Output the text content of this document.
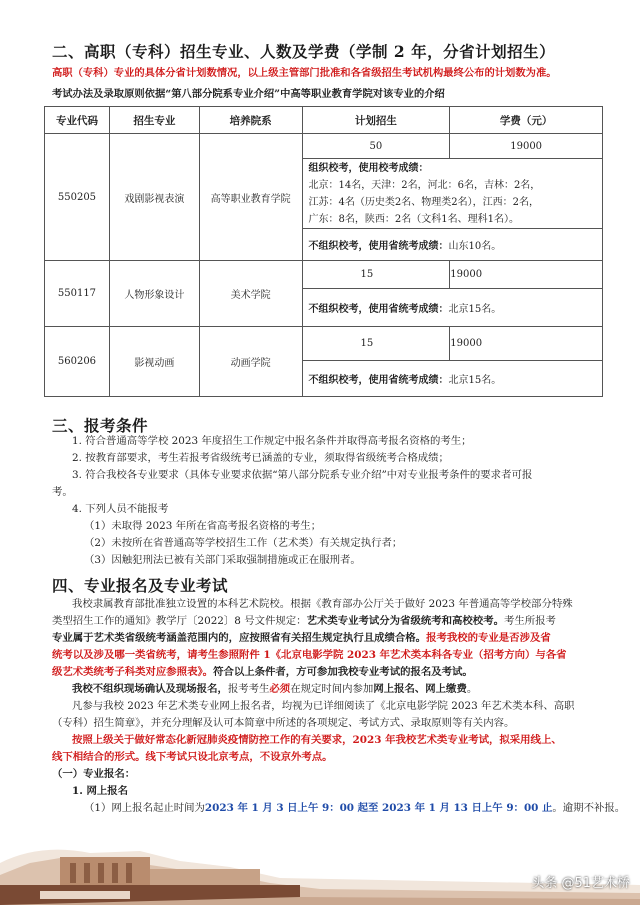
二、高职（专科）招生专业、人数及学费（学制 2 年，分省计划招生）
高职（专科）专业的具体分省计划数情况，以上级主管部门批准和各省级招生考试机构最终公布的计划数为准。
考试办法及录取原则依据“第八部分院系专业介绍”中高等职业教育学院对该专业的介绍
专业代码	招生专业	培养院系	计划招生	学费（元）
550205	戏剧影视表演	高等职业教育学院	50	19000

			组织校考，使用校考成绩：
北京：14名，天津：2名，河北：6名，吉林：2名，
江苏：4名（历史类2名、物理类2名），江西：2名，
广东：8名，陕西：2名（文科1名、理科1名）。	

			不组织校考，使用省统考成绩：山东10名。	
550117	人物形象设计	美术学院	15	19000
			不组织校考，使用省统考成绩：北京15名。	
560206	影视动画	动画学院	15	19000
			不组织校考，使用省统考成绩：北京15名。	
三、报考条件
1. 符合普通高等学校 2023 年度招生工作规定中报名条件并取得高考报名资格的考生；
2. 按教育部要求，考生若报考省级统考已涵盖的专业，须取得省级统考合格成绩；
3. 符合我校各专业要求（具体专业要求依据“第八部分院系专业介绍”中对专业报考条件的要求者可报
考。
4. 下列人员不能报考
（1）未取得 2023 年所在省高考报名资格的考生；
（2）未按所在省普通高等学校招生工作（艺术类）有关规定执行者；
（3）因触犯刑法已被有关部门采取强制措施或正在服刑者。
四、专业报名及专业考试
我校隶属教育部批准独立设置的本科艺术院校。根据《教育部办公厅关于做好 2023 年普通高等学校部分特殊
类型招生工作的通知》教学厅〔2022〕8 号文件规定：艺术类专业考试分为省级统考和高校校考。考生所报考
专业属于艺术类省级统考涵盖范围内的，应按照省有关招生规定执行且成绩合格。报考我校的专业是否涉及省
统考以及涉及哪一类省统考，请考生参照附件 1《北京电影学院 2023 年艺术类本科各专业（招考方向）与各省
级艺术类统考子科类对应参照表》。符合以上条件者，方可参加我校专业考试的报名及考试。
我校不组织现场确认及现场报名，报考考生必须在规定时间内参加网上报名、网上缴费。
凡参与我校 2023 年艺术类专业网上报名者，均视为已详细阅读了《北京电影学院 2023 年艺术类本科、高职
（专科）招生简章》，并充分理解及认可本简章中所述的各项规定、考试方式、录取原则等有关内容。
按照上级关于做好常态化新冠肺炎疫情防控工作的有关要求，2023 年我校艺术类专业考试，拟采用线上、
线下相结合的形式。线下考试只设北京考点，不设京外考点。
（一）专业报名：
1. 网上报名
（1）网上报名起止时间为2023 年 1 月 3 日上午 9：00 起至 2023 年 1 月 13 日上午 9：00 止。逾期不补报。
头条 @51艺术桥
